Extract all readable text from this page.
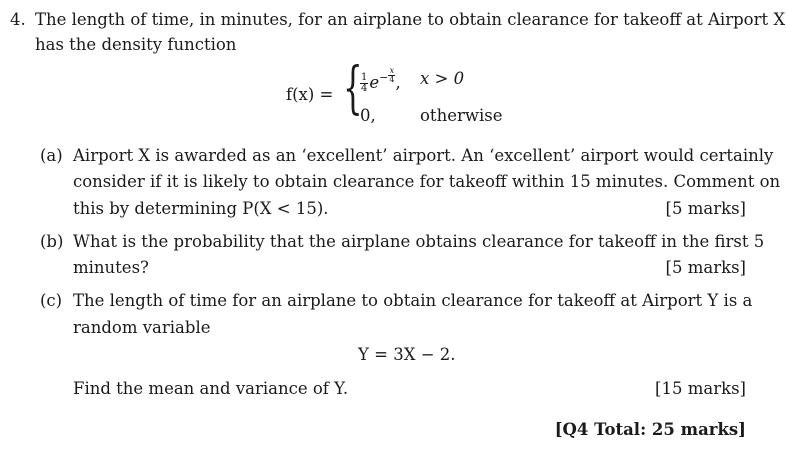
4. The length of time, in minutes, for an airplane to obtain clearance for takeoff at Airport X
has the density function
f(x) = {
$\frac{1}{4} e^- \frac{x}{4}$ , x > 0
0,	otherwise
(a) Airport X is awarded as an ‘excellent’ airport. An ‘excellent’ airport would certainly
consider if it is likely to obtain clearance for takeoff within 15 minutes. Comment on
this by determining P(X < 15).	[5 marks]
(b) What is the probability that the airplane obtains clearance for takeoff in the first 5
minutes?	[5 marks]
(c) The length of time for an airplane to obtain clearance for takeoff at Airport Y is a
random variable
Y = 3X − 2.
Find the mean and variance of Y.	[15 marks]
[Q4 Total: 25 marks]
